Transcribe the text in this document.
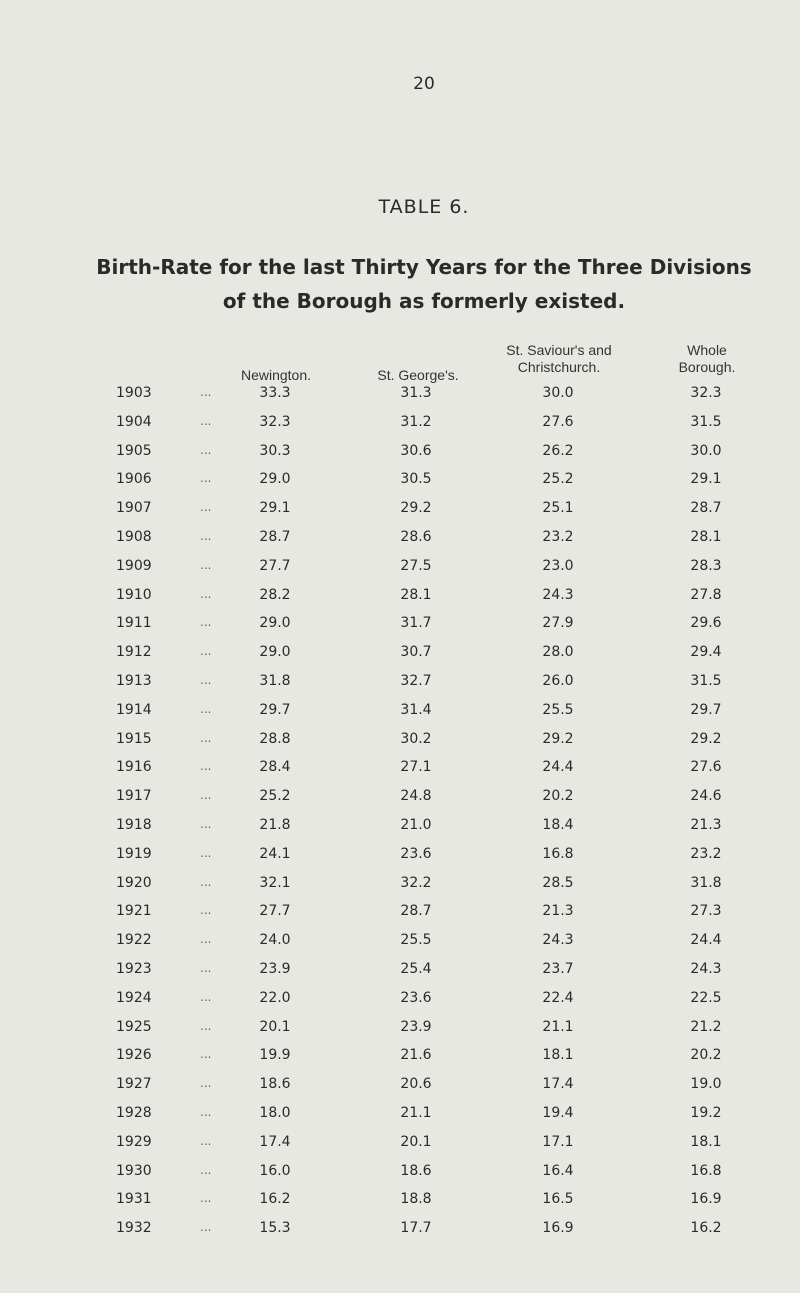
20
TABLE 6.
Birth-Rate for the last Thirty Years for the Three Divisions
of the Borough as formerly existed.
Newington.	St. George's.
St. Saviour's and
Christchurch.
Whole
Borough.
1903	...	33.3	31.3	30.0	32.3
1904	...	32.3	31.2	27.6	31.5
1905	...	30.3	30.6	26.2	30.0
1906	...	29.0	30.5	25.2	29.1
1907	...	29.1	29.2	25.1	28.7
1908	...	28.7	28.6	23.2	28.1
1909	...	27.7	27.5	23.0	28.3
1910	...	28.2	28.1	24.3	27.8
1911	...	29.0	31.7	27.9	29.6
1912	...	29.0	30.7	28.0	29.4
1913	...	31.8	32.7	26.0	31.5
1914	...	29.7	31.4	25.5	29.7
1915	...	28.8	30.2	29.2	29.2
1916	...	28.4	27.1	24.4	27.6
1917	...	25.2	24.8	20.2	24.6
1918	...	21.8	21.0	18.4	21.3
1919	...	24.1	23.6	16.8	23.2
1920	...	32.1	32.2	28.5	31.8
1921	...	27.7	28.7	21.3	27.3
1922	...	24.0	25.5	24.3	24.4
1923	...	23.9	25.4	23.7	24.3
1924	...	22.0	23.6	22.4	22.5
1925	...	20.1	23.9	21.1	21.2
1926	...	19.9	21.6	18.1	20.2
1927	...	18.6	20.6	17.4	19.0
1928	...	18.0	21.1	19.4	19.2
1929	...	17.4	20.1	17.1	18.1
1930	...	16.0	18.6	16.4	16.8
1931	...	16.2	18.8	16.5	16.9
1932	...	15.3	17.7	16.9	16.2
